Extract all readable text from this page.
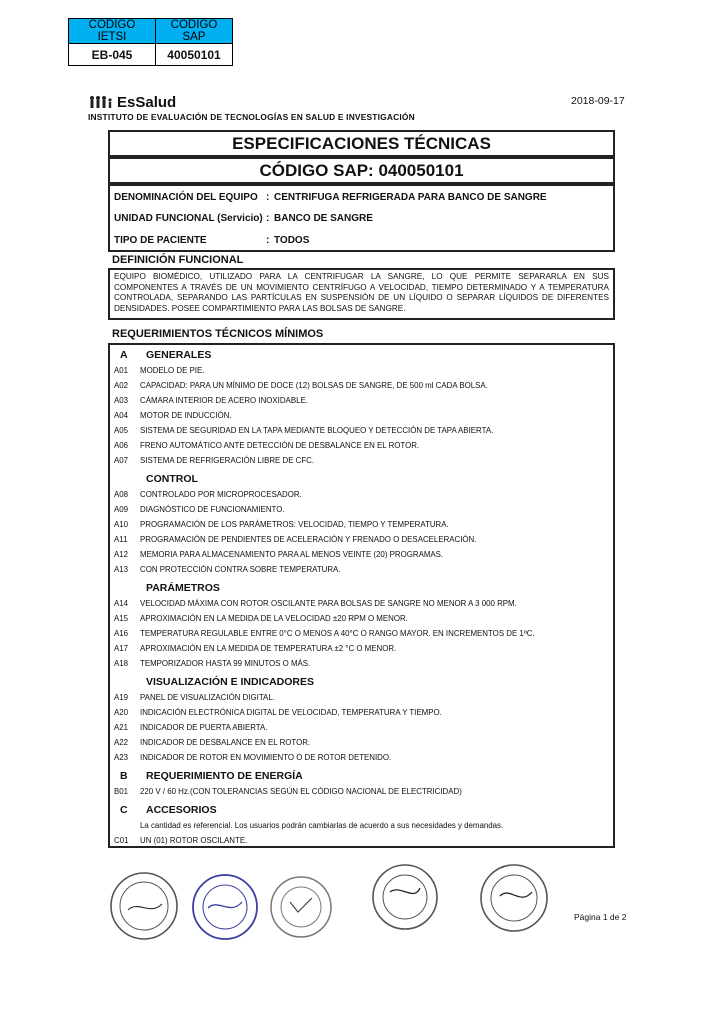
CODIGO IETSI	CODIGO SAP
EB-045	40050101
EsSalud
INSTITUTO DE EVALUACIÓN DE TECNOLOGÍAS EN SALUD E INVESTIGACIÓN
2018-09-17
ESPECIFICACIONES TÉCNICAS
CÓDIGO SAP: 040050101
DENOMINACIÓN DEL EQUIPO : CENTRIFUGA REFRIGERADA PARA BANCO DE SANGRE
UNIDAD FUNCIONAL (Servicio) : BANCO DE SANGRE
TIPO DE PACIENTE	: TODOS
DEFINICIÓN FUNCIONAL
EQUIPO BIOMÉDICO, UTILIZADO PARA LA CENTRIFUGAR LA SANGRE, LO QUE PERMITE SEPARARLA EN SUS COMPONENTES A TRAVÉS DE UN MOVIMIENTO CENTRÍFUGO A VELOCIDAD, TIEMPO DETERMINADO Y A TEMPERATURA CONTROLADA, SEPARANDO LAS PARTÍCULAS EN SUSPENSIÓN DE UN LÍQUIDO O SEPARAR LÍQUIDOS DE DIFERENTES DENSIDADES. POSEE COMPARTIMIENTO PARA LAS BOLSAS DE SANGRE.
REQUERIMIENTOS TÉCNICOS MÍNIMOS
A GENERALES
A01	MODELO DE PIE.
A02	CAPACIDAD: PARA UN MÍNIMO DE DOCE (12) BOLSAS DE SANGRE, DE 500 ml CADA BOLSA.
A03	CÁMARA INTERIOR DE ACERO INOXIDABLE.
A04	MOTOR DE INDUCCIÓN.
A05	SISTEMA DE SEGURIDAD EN LA TAPA MEDIANTE BLOQUEO Y DETECCIÓN DE TAPA ABIERTA.
A06	FRENO AUTOMÁTICO ANTE DETECCIÓN DE DESBALANCE EN EL ROTOR.
A07	SISTEMA DE REFRIGERACIÓN LIBRE DE CFC.
CONTROL
A08	CONTROLADO POR MICROPROCESADOR.
A09	DIAGNÓSTICO DE FUNCIONAMIENTO.
A10	PROGRAMACIÓN DE LOS PARÁMETROS: VELOCIDAD, TIEMPO Y TEMPERATURA.
A11	PROGRAMACIÓN DE PENDIENTES DE ACELERACIÓN Y FRENADO O DESACELERACIÓN.
A12	MEMORIA PARA ALMACENAMIENTO PARA AL MENOS VEINTE (20) PROGRAMAS.
A13	CON PROTECCIÓN CONTRA SOBRE TEMPERATURA.
PARÁMETROS
A14	VELOCIDAD MÁXIMA CON ROTOR OSCILANTE PARA BOLSAS DE SANGRE NO MENOR A 3 000 RPM.
A15	APROXIMACIÓN EN LA MEDIDA DE LA VELOCIDAD ±20 RPM O MENOR.
A16	TEMPERATURA REGULABLE ENTRE 0°C O MENOS A 40°C O RANGO MAYOR. EN INCREMENTOS DE 1ºC.
A17	APROXIMACIÓN EN LA MEDIDA DE TEMPERATURA ±2 °C O MENOR.
A18	TEMPORIZADOR HASTA 99 MINUTOS O MÁS.
VISUALIZACIÓN E INDICADORES
A19	PANEL DE VISUALIZACIÓN DIGITAL.
A20	INDICACIÓN ELECTRÓNICA DIGITAL DE VELOCIDAD, TEMPERATURA Y TIEMPO.
A21	INDICADOR DE PUERTA ABIERTA.
A22	INDICADOR DE DESBALANCE EN EL ROTOR.
A23	INDICADOR DE ROTOR EN MOVIMIENTO O DE ROTOR DETENIDO.
B REQUERIMIENTO DE ENERGÍA
B01	220 V / 60 Hz.(CON TOLERANCIAS SEGÚN EL CÓDIGO NACIONAL DE ELECTRICIDAD)
C ACCESORIOS
La cantidad es referencial. Los usuarios podrán cambiarlas de acuerdo a sus necesidades y demandas.
C01	UN (01) ROTOR OSCILANTE.
Página 1 de 2
